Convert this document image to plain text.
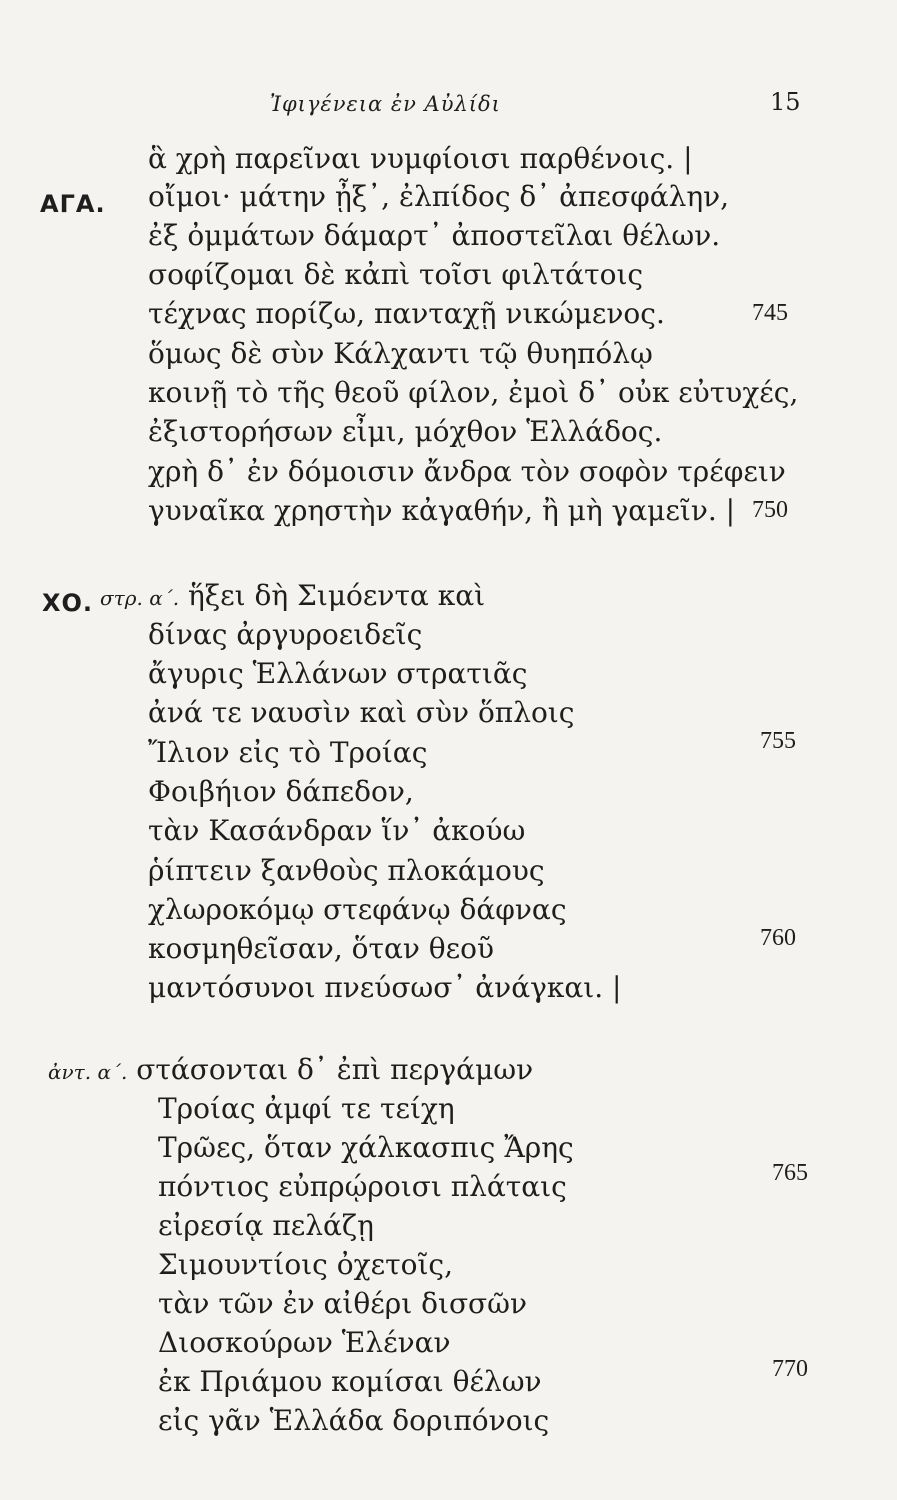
Ἰφιγένεια ἐν Αὐλίδι	15
ΑΓΑ.
ΧΟ.
ἃ χρὴ παρεῖναι νυμφίοισι παρθένοις. |
οἴμοι· μάτην ᾖξ᾽, ἐλπίδος δ᾽ ἀπεσφάλην,
ἐξ ὀμμάτων δάμαρτ᾽ ἀποστεῖλαι θέλων.
σοφίζομαι δὲ κἀπὶ τοῖσι φιλτάτοις
τέχνας πορίζω, πανταχῇ νικώμενος.
ὅμως δὲ σὺν Κάλχαντι τῷ θυηπόλῳ
κοινῇ τὸ τῆς θεοῦ φίλον, ἐμοὶ δ᾽ οὐκ εὐτυχές,
ἐξιστορήσων εἶμι, μόχθον Ἑλλάδος.
χρὴ δ᾽ ἐν δόμοισιν ἄνδρα τὸν σοφὸν τρέφειν
γυναῖκα χρηστὴν κἀγαθήν, ἢ μὴ γαμεῖν. |
στρ. α΄. ἥξει δὴ Σιμόεντα καὶ
δίνας ἀργυροειδεῖς
ἄγυρις Ἑλλάνων στρατιᾶς
ἀνά τε ναυσὶν καὶ σὺν ὅπλοις
Ἴλιον εἰς τὸ Τροίας
Φοιβήιον δάπεδον,
τὰν Κασάνδραν ἵν᾽ ἀκούω
ῥίπτειν ξανθοὺς πλοκάμους
χλωροκόμῳ στεφάνῳ δάφνας
κοσμηθεῖσαν, ὅταν θεοῦ
μαντόσυνοι πνεύσωσ᾽ ἀνάγκαι. |
ἀντ. α΄. στάσονται δ᾽ ἐπὶ περγάμων
Τροίας ἀμφί τε τείχη
Τρῶες, ὅταν χάλκασπις Ἄρης
πόντιος εὐπρῴροισι πλάταις
εἰρεσίᾳ πελάζῃ
Σιμουντίοις ὀχετοῖς,
τὰν τῶν ἐν αἰθέρι δισσῶν
Διοσκούρων Ἑλέναν
ἐκ Πριάμου κομίσαι θέλων
εἰς γᾶν Ἑλλάδα δοριπόνοις
745
750
755
760
765
770
